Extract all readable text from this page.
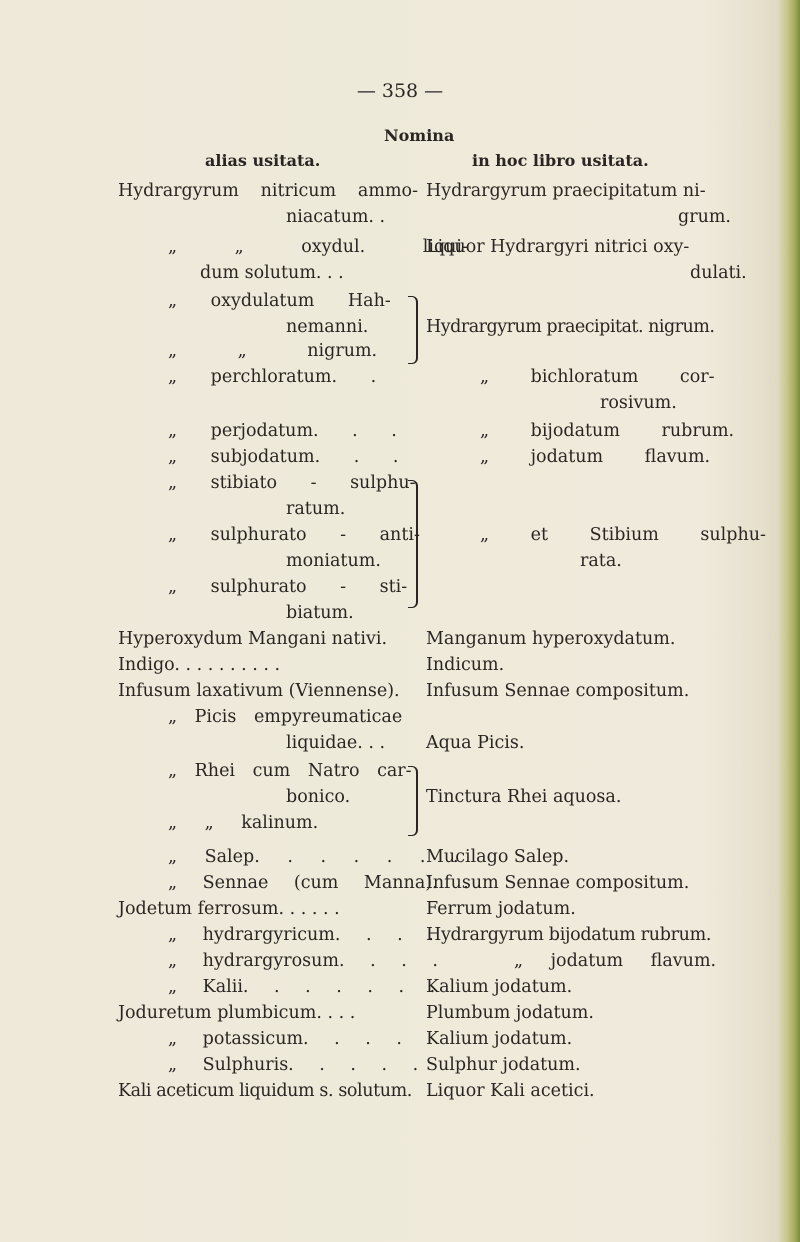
— 358 —
Nomina
alias usitata.	in hoc libro usitata.
Hydrargyrum nitricum ammo-
niacatum. .
„ „ oxydul. liqui-
dum solutum. . .
„ oxydulatum Hah-
nemanni.
„ „ nigrum.
„ perchloratum. .
„ perjodatum. . .
„ subjodatum. . .
„ stibiato - sulphu-
ratum.
„ sulphurato - anti-
moniatum.
„ sulphurato - sti-
biatum.
Hyperoxydum Mangani nativi.
Indigo. . . . . . . . . .
Infusum laxativum (Viennense).
„ Picis empyreumaticae
liquidae. . .
„ Rhei cum Natro car-
bonico.
„ „ kalinum.
„ Salep. . . . . . .
„ Sennae (cum Manna). .
Jodetum ferrosum. . . . . .
„ hydrargyricum. . . .
„ hydrargyrosum. . . .
„ Kalii. . . . . . .
Joduretum plumbicum. . . .
„ potassicum. . . .
„ Sulphuris. . . . .
Kali aceticum liquidum s. solutum.
Hydrargyrum praecipitatum ni-
grum.
Liquor Hydrargyri nitrici oxy-
dulati.
Hydrargyrum praecipitat. nigrum.
„ bichloratum cor-
rosivum.
„ bijodatum rubrum.
„ jodatum flavum.
„ et Stibium sulphu-
rata.
Manganum hyperoxydatum.
Indicum.
Infusum Sennae compositum.
Aqua Picis.
Tinctura Rhei aquosa.
Mucilago Salep.
Infusum Sennae compositum.
Ferrum jodatum.
Hydrargyrum bijodatum rubrum.
„ jodatum flavum.
Kalium jodatum.
Plumbum jodatum.
Kalium jodatum.
Sulphur jodatum.
Liquor Kali acetici.
